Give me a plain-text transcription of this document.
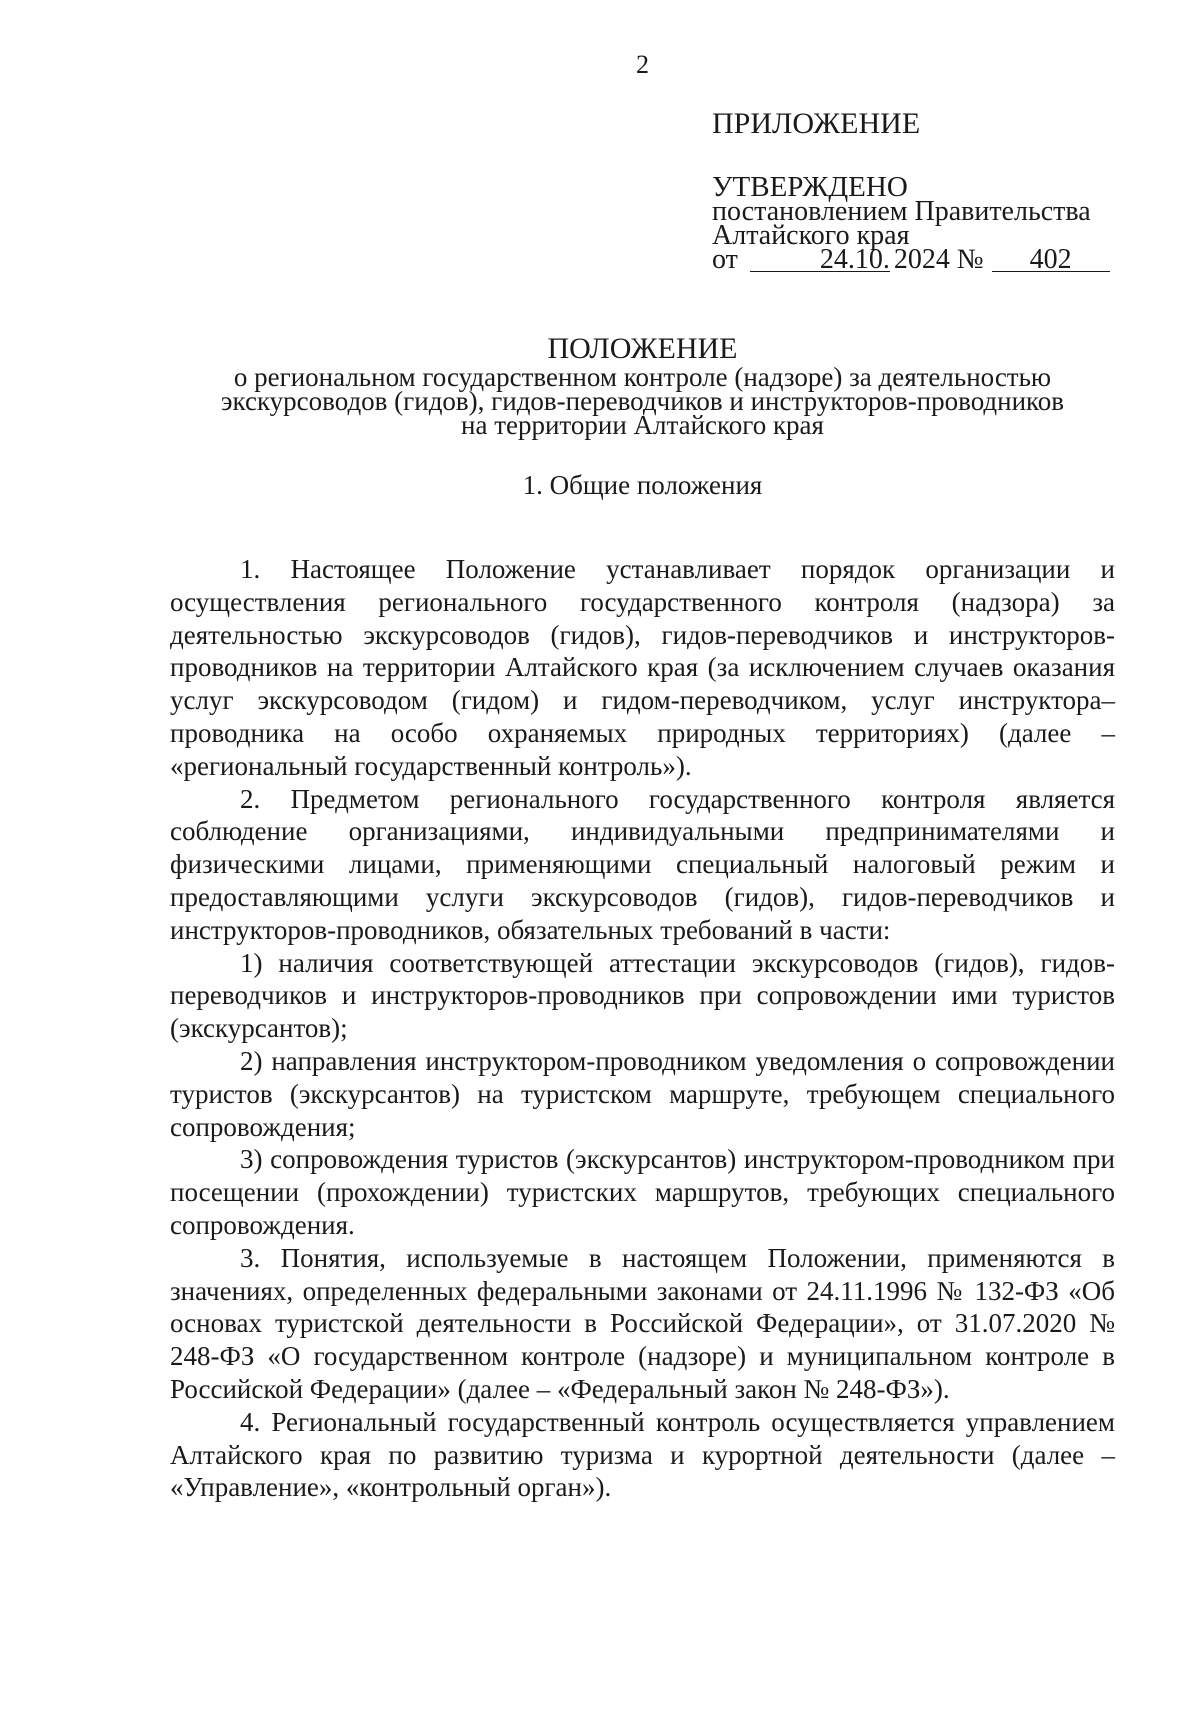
2
ПРИЛОЖЕНИЕ
УТВЕРЖДЕНО
постановлением Правительства
Алтайского края
от	24.10. 2024 №	402
ПОЛОЖЕНИЕ
о региональном государственном контроле (надзоре) за деятельностью
экскурсоводов (гидов), гидов-переводчиков и инструкторов-проводников
на территории Алтайского края
1. Общие положения

1. Настоящее Положение устанавливает порядок организации и осуществления регионального государственного контроля (надзора) за деятельностью экскурсоводов (гидов), гидов-переводчиков и инструкторов-проводников на территории Алтайского края (за исключением случаев оказания услуг экскурсоводом (гидом) и гидом-переводчиком, услуг инструктора–проводника на особо охраняемых природных территориях) (далее – «региональный государственный контроль»).

2. Предметом регионального государственного контроля является соблюдение организациями, индивидуальными предпринимателями и физическими лицами, применяющими специальный налоговый режим и предоставляющими услуги экскурсоводов (гидов), гидов-переводчиков и инструкторов-проводников, обязательных требований в части:

1) наличия соответствующей аттестации экскурсоводов (гидов), гидов-переводчиков и инструкторов-проводников при сопровождении ими туристов (экскурсантов);

2) направления инструктором-проводником уведомления о сопровождении туристов (экскурсантов) на туристском маршруте, требующем специального сопровождения;

3) сопровождения туристов (экскурсантов) инструктором-проводником при посещении (прохождении) туристских маршрутов, требующих специального сопровождения.

3. Понятия, используемые в настоящем Положении, применяются в значениях, определенных федеральными законами от 24.11.1996 № 132-ФЗ «Об основах туристской деятельности в Российской Федерации», от 31.07.2020 № 248-ФЗ «О государственном контроле (надзоре) и муниципальном контроле в Российской Федерации» (далее – «Федеральный закон № 248-ФЗ»).

4. Региональный государственный контроль осуществляется управлением Алтайского края по развитию туризма и курортной деятельности (далее – «Управление», «контрольный орган»).
